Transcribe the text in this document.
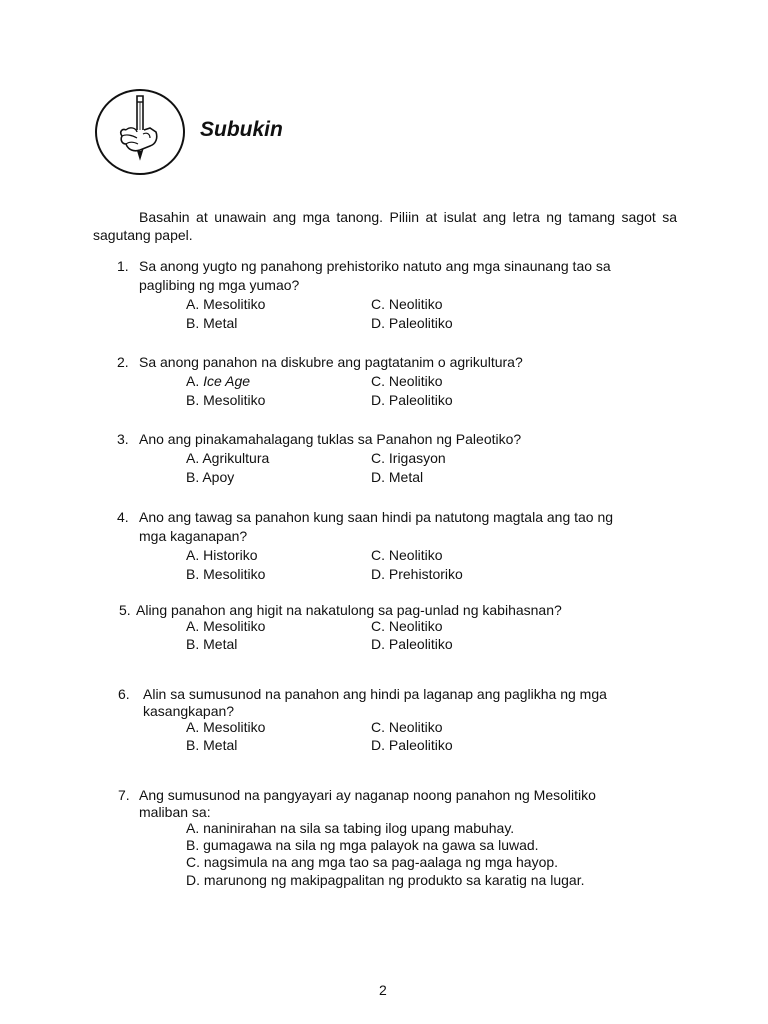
Subukin
Basahin at unawain ang mga tanong. Piliin at isulat ang letra ng tamang sagot sa sagutang papel.
1. Sa anong yugto ng panahong prehistoriko natuto ang mga sinaunang tao sa
paglibing ng mga yumao?
A. Mesolitiko
B. Metal
C. Neolitiko
D. Paleolitiko
2. Sa anong panahon na diskubre ang pagtatanim o agrikultura?
A. Ice Age
B. Mesolitiko
C. Neolitiko
D. Paleolitiko
3. Ano ang pinakamahalagang tuklas sa Panahon ng Paleotiko?
A. Agrikultura
B. Apoy
C. Irigasyon
D. Metal
4. Ano ang tawag sa panahon kung saan hindi pa natutong magtala ang tao ng
mga kaganapan?
A. Historiko
B. Mesolitiko
C. Neolitiko
D. Prehistoriko
5. Aling panahon ang higit na nakatulong sa pag-unlad ng kabihasnan?
A. Mesolitiko
B. Metal
C. Neolitiko
D. Paleolitiko
6. Alin sa sumusunod na panahon ang hindi pa laganap ang paglikha ng mga
kasangkapan?
A. Mesolitiko
B. Metal
C. Neolitiko
D. Paleolitiko
7. Ang sumusunod na pangyayari ay naganap noong panahon ng Mesolitiko
maliban sa:
A. naninirahan na sila sa tabing ilog upang mabuhay.
B. gumagawa na sila ng mga palayok na gawa sa luwad.
C. nagsimula na ang mga tao sa pag-aalaga ng mga hayop.
D. marunong ng makipagpalitan ng produkto sa karatig na lugar.
2
